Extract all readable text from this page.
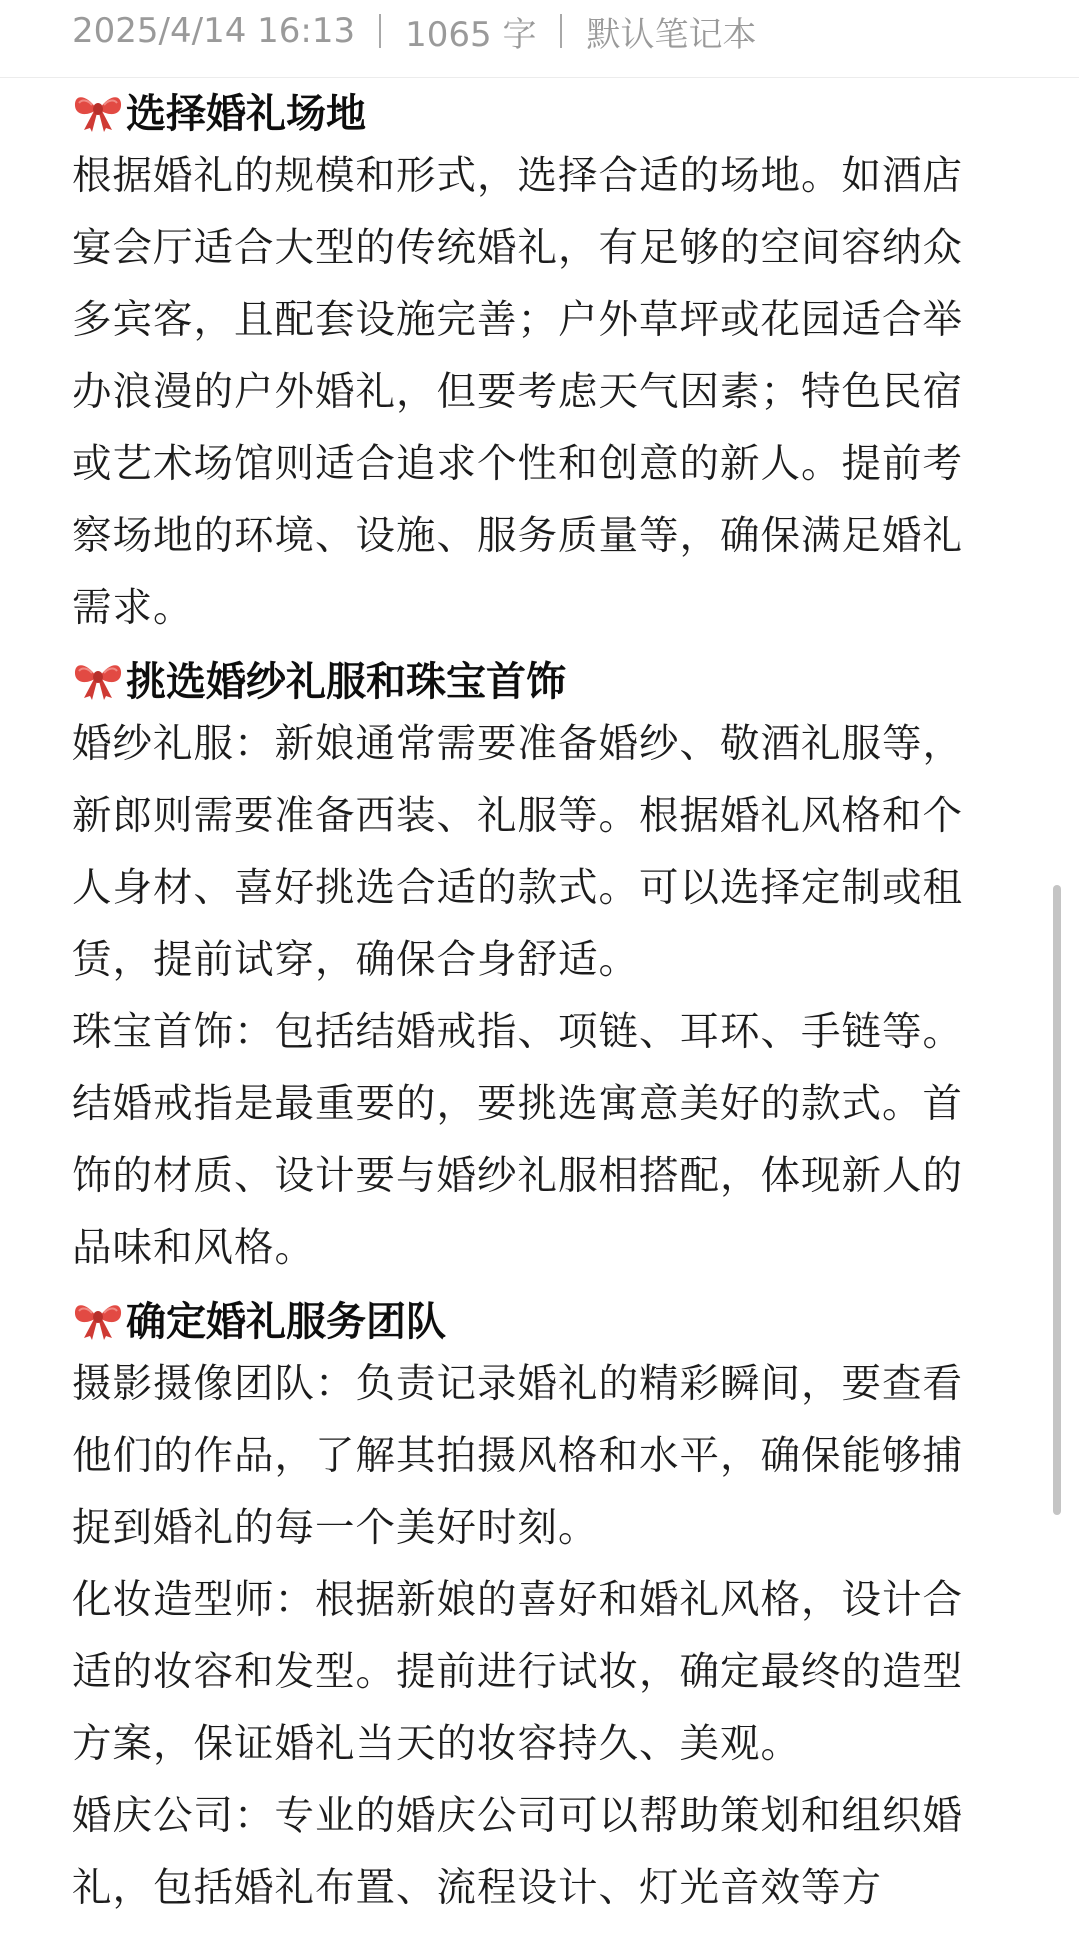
2025/4/14 16:13 1065 字 默认笔记本
选择婚礼场地

根据婚礼的规模和形式，选择合适的场地。如酒店宴会厅适合大型的传统婚礼，有足够的空间容纳众多宾客，且配套设施完善；户外草坪或花园适合举办浪漫的户外婚礼，但要考虑天气因素；特色民宿或艺术场馆则适合追求个性和创意的新人。提前考察场地的环境、设施、服务质量等，确保满足婚礼需求。

挑选婚纱礼服和珠宝首饰

婚纱礼服：新娘通常需要准备婚纱、敬酒礼服等，新郎则需要准备西装、礼服等。根据婚礼风格和个人身材、喜好挑选合适的款式。可以选择定制或租赁，提前试穿，确保合身舒适。

珠宝首饰：包括结婚戒指、项链、耳环、手链等。结婚戒指是最重要的，要挑选寓意美好的款式。首饰的材质、设计要与婚纱礼服相搭配，体现新人的品味和风格。

确定婚礼服务团队

摄影摄像团队：负责记录婚礼的精彩瞬间，要查看他们的作品，了解其拍摄风格和水平，确保能够捕捉到婚礼的每一个美好时刻。

化妆造型师：根据新娘的喜好和婚礼风格，设计合适的妆容和发型。提前进行试妆，确定最终的造型方案，保证婚礼当天的妆容持久、美观。

婚庆公司：专业的婚庆公司可以帮助策划和组织婚礼，包括婚礼布置、流程设计、灯光音效等方
